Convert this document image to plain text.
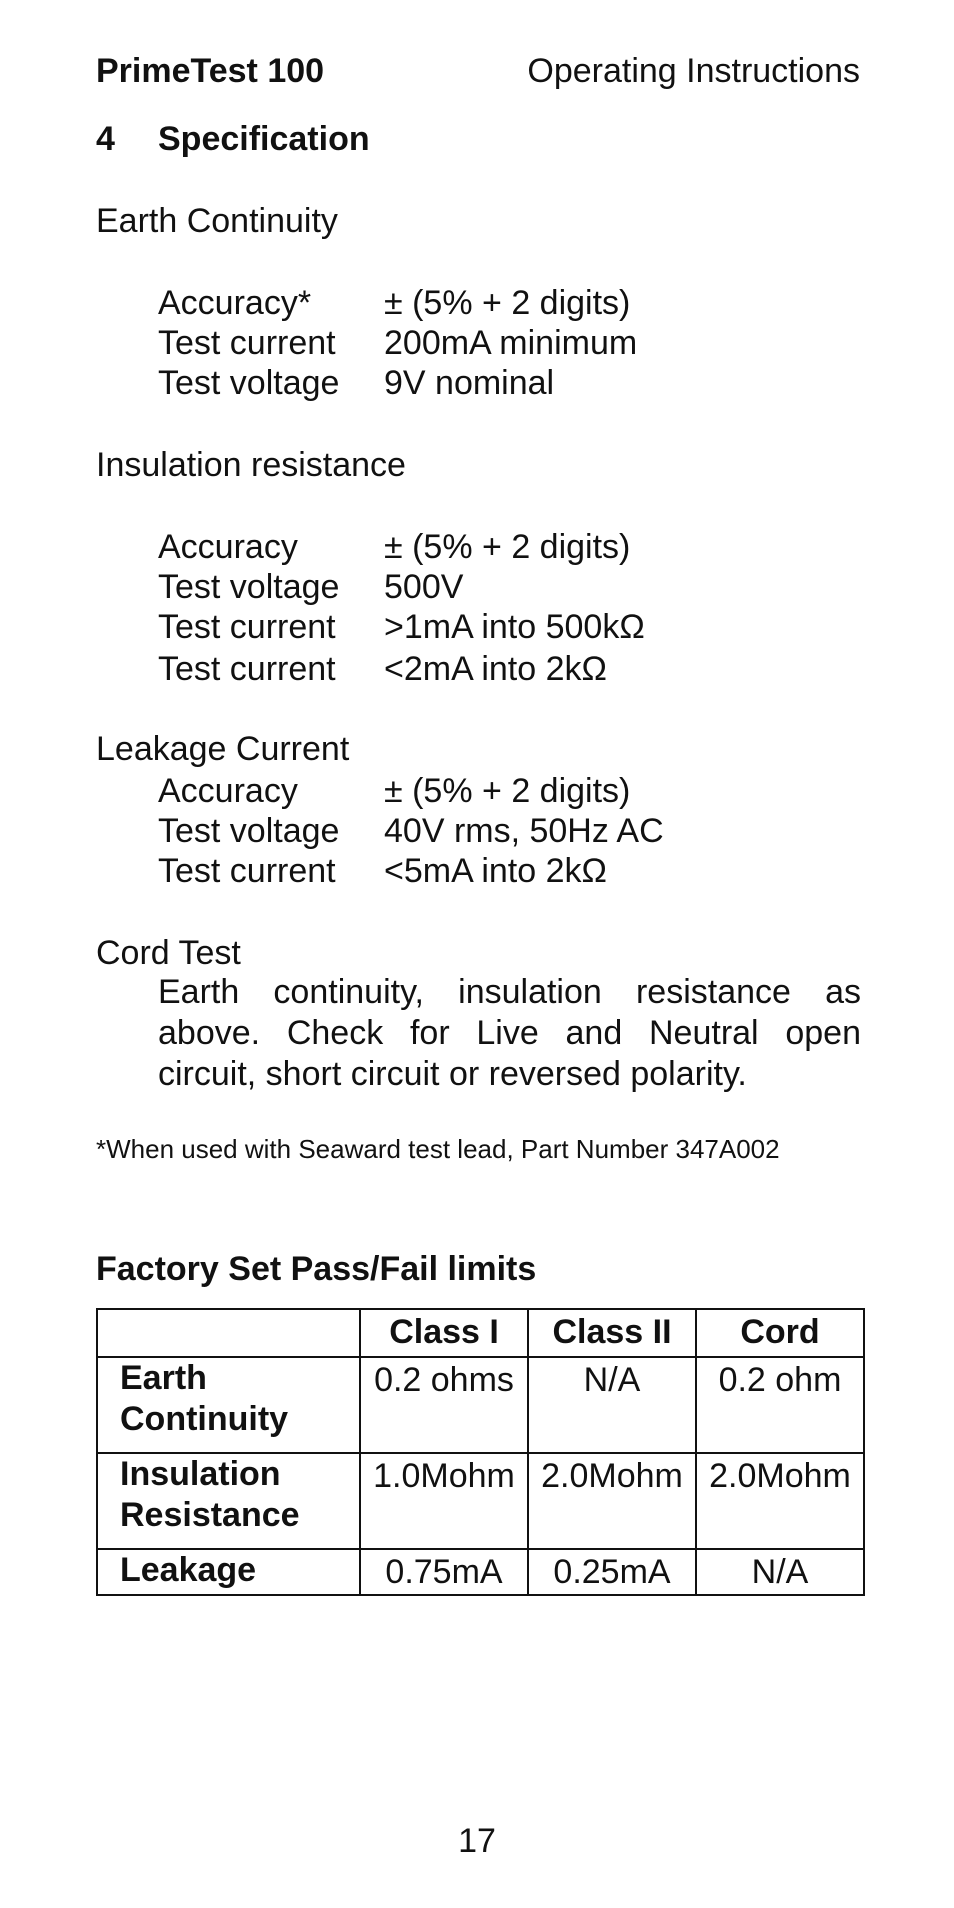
PrimeTest 100	Operating Instructions
4 Specification
Earth Continuity
Accuracy* ± (5% + 2 digits)
Test current 200mA minimum
Test voltage 9V nominal
Insulation resistance
Accuracy	± (5% + 2 digits)
Test voltage 500V
Test current >1mA into 500kΩ
Test current <2mA into 2kΩ
Leakage Current
Accuracy	± (5% + 2 digits)
Test voltage 40V rms, 50Hz AC
Test current <5mA into 2kΩ
Cord Test
Earth continuity, insulation resistance as above. Check for Live and Neutral open circuit, short circuit or reversed polarity.
*When used with Seaward test lead, Part Number 347A002
Factory Set Pass/Fail limits
	Class I	Class II	Cord

Earth Continuity	0.2 ohms	N/A	0.2 ohm

Insulation Resistance	1.0Mohm	2.0Mohm	2.0Mohm
Leakage	0.75mA	0.25mA	N/A
17
